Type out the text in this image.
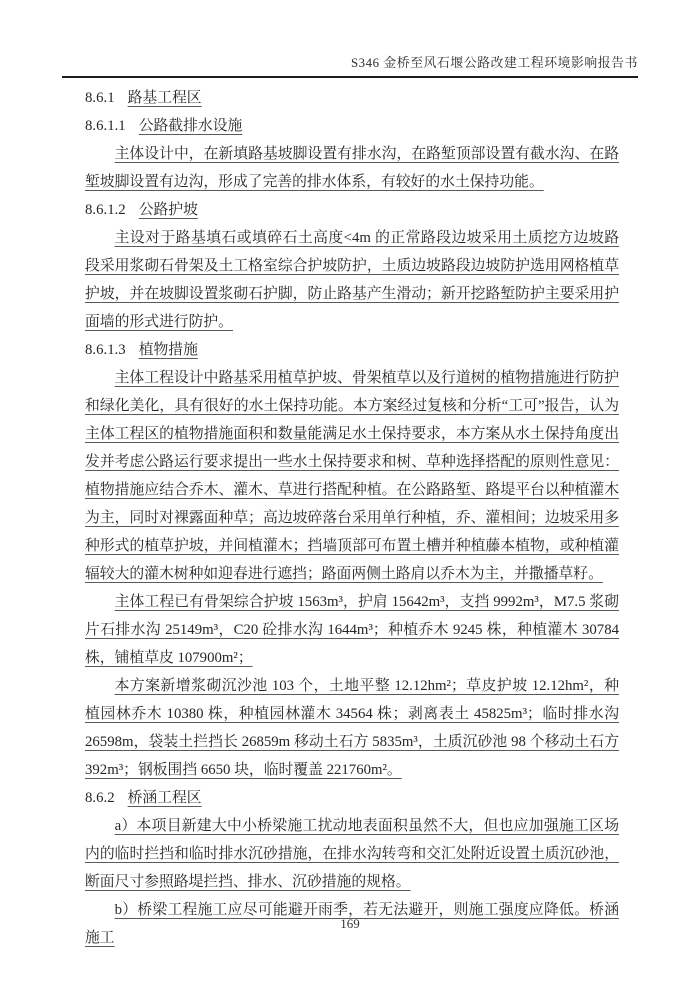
S346 金桥至风石堰公路改建工程环境影响报告书
8.6.1 路基工程区
8.6.1.1 公路截排水设施

主体设计中，在新填路基坡脚设置有排水沟，在路堑顶部设置有截水沟、在路堑坡脚设置有边沟，形成了完善的排水体系，有较好的水土保持功能。

8.6.1.2 公路护坡

主设对于路基填石或填碎石土高度<4m 的正常路段边坡采用土质挖方边坡路段采用浆砌石骨架及土工格室综合护坡防护，土质边坡路段边坡防护选用网格植草护坡，并在坡脚设置浆砌石护脚，防止路基产生滑动；新开挖路堑防护主要采用护面墙的形式进行防护。

8.6.1.3 植物措施

主体工程设计中路基采用植草护坡、骨架植草以及行道树的植物措施进行防护和绿化美化，具有很好的水土保持功能。本方案经过复核和分析“工可”报告，认为主体工程区的植物措施面积和数量能满足水土保持要求，本方案从水土保持角度出发并考虑公路运行要求提出一些水土保持要求和树、草种选择搭配的原则性意见：植物措施应结合乔木、灌木、草进行搭配种植。在公路路堑、路堤平台以种植灌木为主，同时对裸露面种草；高边坡碎落台采用单行种植，乔、灌相间；边坡采用多种形式的植草护坡，并间植灌木；挡墙顶部可布置土槽并种植藤本植物，或种植灌辐较大的灌木树种如迎春进行遮挡；路面两侧土路肩以乔木为主，并撒播草籽。

主体工程已有骨架综合护坡 1563m³，护肩 15642m³，支挡 9992m³，M7.5 浆砌片石排水沟 25149m³，C20 砼排水沟 1644m³；种植乔木 9245 株，种植灌木 30784 株，铺植草皮 107900m²；

本方案新增浆砌沉沙池 103 个，土地平整 12.12hm²；草皮护坡 12.12hm²，种植园林乔木 10380 株，种植园林灌木 34564 株；剥离表土 45825m³；临时排水沟 26598m，袋装土拦挡长 26859m 移动土石方 5835m³，土质沉砂池 98 个移动土石方 392m³；钢板围挡 6650 块，临时覆盖 221760m²。

8.6.2 桥涵工程区

a）本项目新建大中小桥梁施工扰动地表面积虽然不大，但也应加强施工区场内的临时拦挡和临时排水沉砂措施，在排水沟转弯和交汇处附近设置土质沉砂池，断面尺寸参照路堤拦挡、排水、沉砂措施的规格。

b）桥梁工程施工应尽可能避开雨季，若无法避开，则施工强度应降低。桥涵施工

169
